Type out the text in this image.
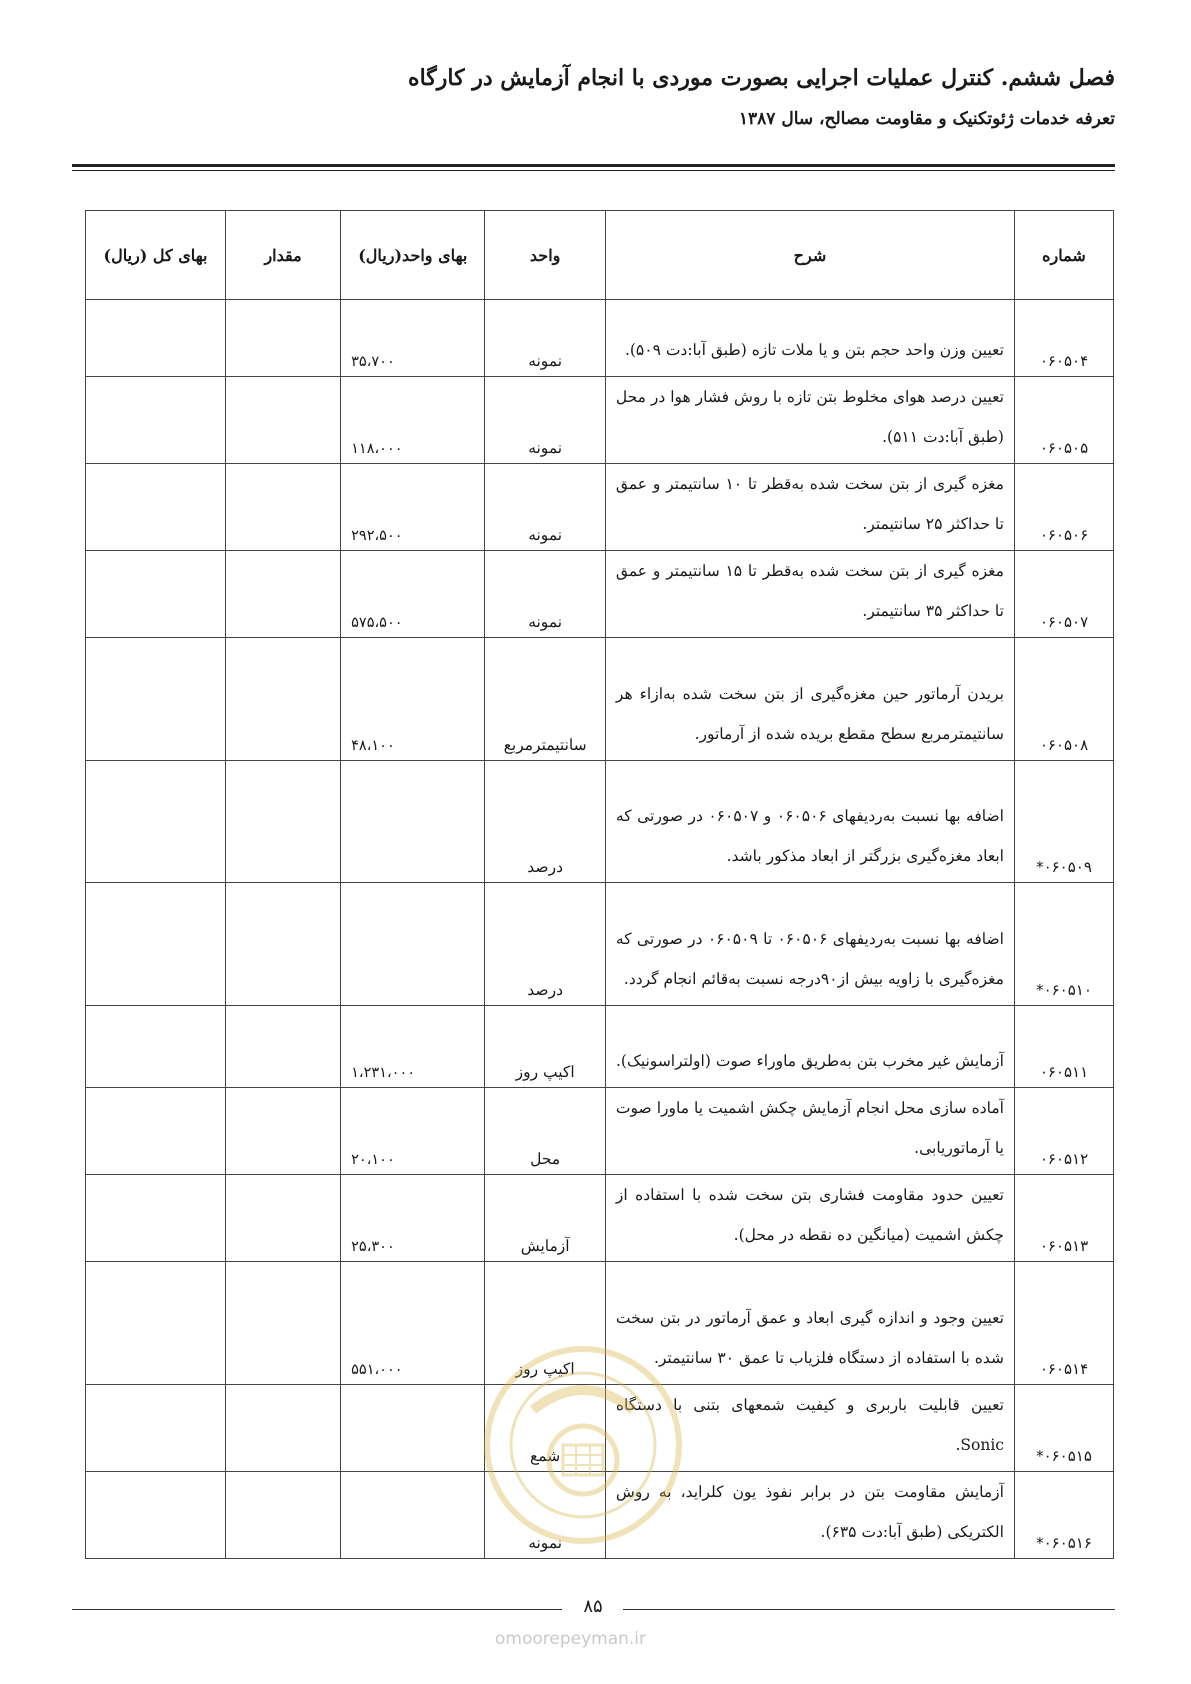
فصل ششم. کنترل عملیات اجرایی بصورت موردی با انجام آزمایش در کارگاه
تعرفه خدمات ژئوتکنیک و مقاومت مصالح، سال ۱۳۸۷
شماره	شرح	واحد	بهای واحد(ریال)	مقدار	بهای کل (ریال)
۰۶۰۵۰۴	تعیین وزن واحد حجم بتن و یا ملات تازه (طبق آبا:دت ۵۰۹).	نمونه	۳۵،۷۰۰		
۰۶۰۵۰۵	تعیین درصد هوای مخلوط بتن تازه با روش فشار هوا در محل (طبق آبا:دت ۵۱۱).	نمونه	۱۱۸،۰۰۰		
۰۶۰۵۰۶	مغزه گیری از بتن سخت شده به‌قطر تا ۱۰ سانتیمتر و عمق تا حداکثر ۲۵ سانتیمتر.	نمونه	۲۹۲،۵۰۰		
۰۶۰۵۰۷	مغزه گیری از بتن سخت شده به‌قطر تا ۱۵ سانتیمتر و عمق تا حداکثر ۳۵ سانتیمتر.	نمونه	۵۷۵،۵۰۰		
۰۶۰۵۰۸	بریدن آرماتور حین مغزه‌گیری از بتن سخت شده به‌ازاء هر سانتیمترمربع سطح مقطع بریده شده از آرماتور.	سانتیمترمربع	۴۸،۱۰۰		
۰۶۰۵۰۹*	اضافه بها نسبت به‌ردیفهای ۰۶۰۵۰۶ و ۰۶۰۵۰۷ در صورتی که ابعاد مغزه‌گیری بزرگتر از ابعاد مذکور باشد.	درصد			
۰۶۰۵۱۰*	اضافه بها نسبت به‌ردیفهای ۰۶۰۵۰۶ تا ۰۶۰۵۰۹ در صورتی که مغزه‌گیری با زاویه بیش از۹۰درجه نسبت به‌قائم انجام گردد.	درصد			
۰۶۰۵۱۱	آزمایش غیر مخرب بتن به‌طریق ماوراء صوت (اولتراسونیک).	اکیپ روز	۱،۲۳۱،۰۰۰		
۰۶۰۵۱۲	آماده سازی محل انجام آزمایش چکش اشمیت یا ماورا صوت یا آرماتوریابی.	محل	۲۰،۱۰۰		
۰۶۰۵۱۳	تعیین حدود مقاومت فشاری بتن سخت شده با استفاده از چکش اشمیت (میانگین ده نقطه در محل).	آزمایش	۲۵،۳۰۰		
۰۶۰۵۱۴	تعیین وجود و اندازه گیری ابعاد و عمق آرماتور در بتن سخت شده با استفاده از دستگاه فلزیاب تا عمق ۳۰ سانتیمتر.	اکیپ روز	۵۵۱،۰۰۰		
۰۶۰۵۱۵*	تعیین قابلیت باربری و کیفیت شمعهای بتنی با دستگاه Sonic.	شمع			
۰۶۰۵۱۶*	آزمایش مقاومت بتن در برابر نفوذ یون کلراید، به روش الکتریکی (طبق آبا:دت ۶۳۵).	نمونه			
۸۵
omoorepeyman.ir
